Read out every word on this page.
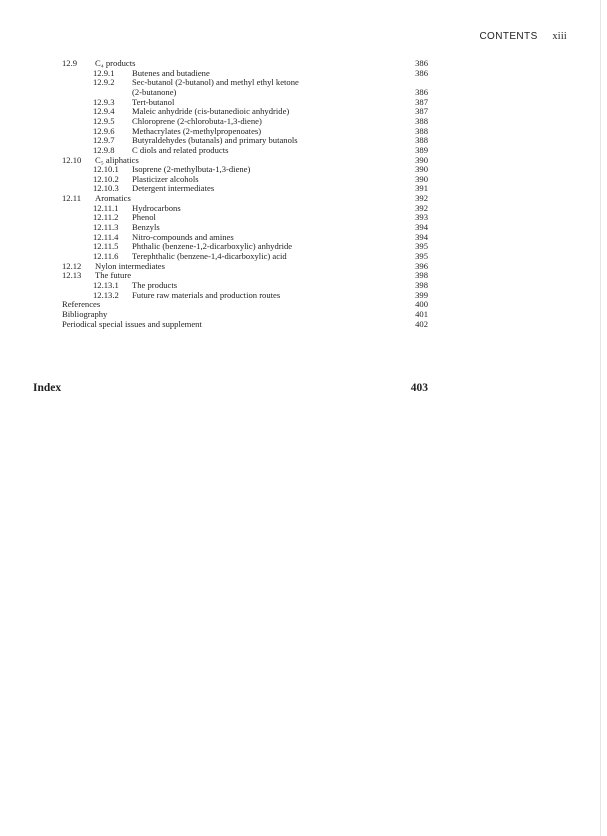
CONTENTS xiii
12.9 C₄ products	386
12.9.1 Butenes and butadiene	386
12.9.2 Sec-butanol (2-butanol) and methyl ethyl ketone
(2-butanone)	386
12.9.3 Tert-butanol	387
12.9.4 Maleic anhydride (cis-butanedioic anhydride)	387
12.9.5 Chloroprene (2-chlorobuta-1,3-diene)	388
12.9.6 Methacrylates (2-methylpropenoates)	388
12.9.7 Butyraldehydes (butanals) and primary butanols	388
12.9.8 C diols and related products	389
12.10 C₅ aliphatics	390
12.10.1 Isoprene (2-methylbuta-1,3-diene)	390
12.10.2 Plasticizer alcohols	390
12.10.3 Detergent intermediates	391
12.11 Aromatics	392
12.11.1 Hydrocarbons	392
12.11.2 Phenol	393
12.11.3 Benzyls	394
12.11.4 Nitro-compounds and amines	394
12.11.5 Phthalic (benzene-1,2-dicarboxylic) anhydride	395
12.11.6 Terephthalic (benzene-1,4-dicarboxylic) acid	395
12.12 Nylon intermediates	396
12.13 The future	398
12.13.1 The products	398
12.13.2 Future raw materials and production routes	399
References	400
Bibliography	401
Periodical special issues and supplement	402
Index	403
